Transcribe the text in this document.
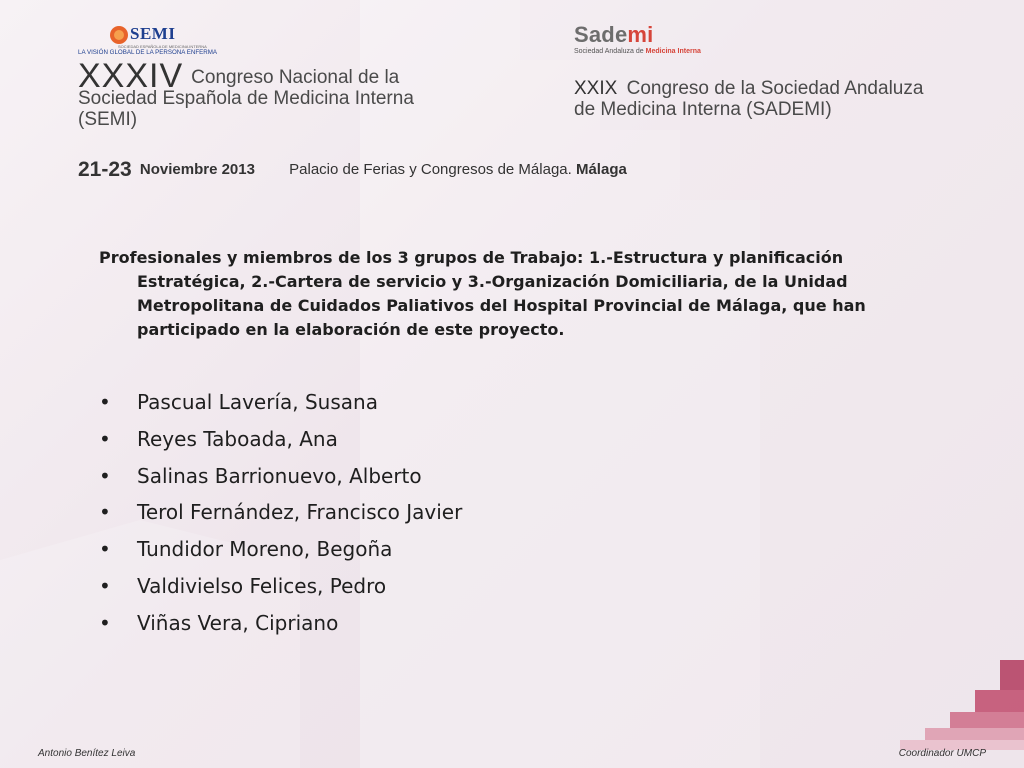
SEMI
SOCIEDAD ESPAÑOLA DE MEDICINA INTERNA
LA VISIÓN GLOBAL DE LA PERSONA ENFERMA
Sademi
Sociedad Andaluza de Medicina Interna
XXXIV Congreso Nacional de la
Sociedad Española de Medicina Interna
(SEMI)
XXIX Congreso de la Sociedad Andaluza
de Medicina Interna (SADEMI)
21-23 Noviembre 2013 Palacio de Ferias y Congresos de Málaga. Málaga
Profesionales y miembros de los 3 grupos de Trabajo: 1.-Estructura y planificación Estratégica, 2.-Cartera de servicio y 3.-Organización Domiciliaria, de la Unidad Metropolitana de Cuidados Paliativos del Hospital Provincial de Málaga, que han participado en la elaboración de este proyecto.
• Pascual Lavería, Susana
• Reyes Taboada, Ana
• Salinas Barrionuevo, Alberto
• Terol Fernández, Francisco Javier
• Tundidor Moreno, Begoña
• Valdivielso Felices, Pedro
• Viñas Vera, Cipriano
Antonio Benítez Leiva	Coordinador UMCP
